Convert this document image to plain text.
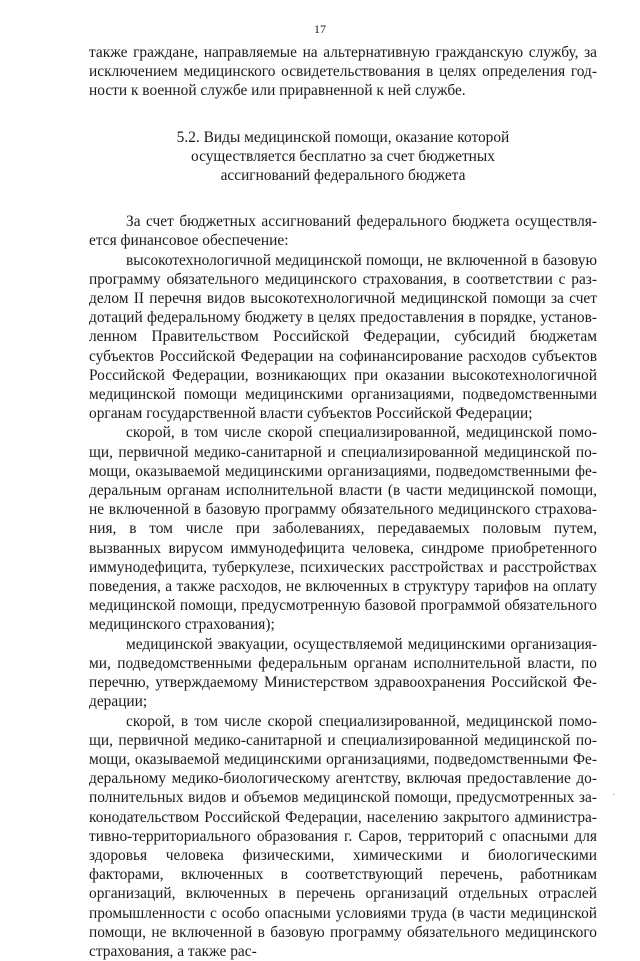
17

также граждане, направляемые на альтернативную гражданскую службу, за исключением медицинского освидетельствования в целях определения годности к военной службе или приравненной к ней службе.

5.2. Виды медицинской помощи, оказание которой
осуществляется бесплатно за счет бюджетных
ассигнований федерального бюджета

За счет бюджетных ассигнований федерального бюджета осуществляется финансовое обеспечение:

высокотехнологичной медицинской помощи, не включенной в базовую программу обязательного медицинского страхования, в соответствии с разделом II перечня видов высокотехнологичной медицинской помощи за счет дотаций федеральному бюджету в целях предоставления в порядке, установленном Правительством Российской Федерации, субсидий бюджетам субъектов Российской Федерации на софинансирование расходов субъектов Российской Федерации, возникающих при оказании высокотехнологичной медицинской помощи медицинскими организациями, подведомственными органам государственной власти субъектов Российской Федерации;

скорой, в том числе скорой специализированной, медицинской помощи, первичной медико-санитарной и специализированной медицинской помощи, оказываемой медицинскими организациями, подведомственными федеральным органам исполнительной власти (в части медицинской помощи, не включенной в базовую программу обязательного медицинского страхования, в том числе при заболеваниях, передаваемых половым путем, вызванных вирусом иммунодефицита человека, синдроме приобретенного иммунодефицита, туберкулезе, психических расстройствах и расстройствах поведения, а также расходов, не включенных в структуру тарифов на оплату медицинской помощи, предусмотренную базовой программой обязательного медицинского страхования);

медицинской эвакуации, осуществляемой медицинскими организациями, подведомственными федеральным органам исполнительной власти, по перечню, утверждаемому Министерством здравоохранения Российской Федерации;

скорой, в том числе скорой специализированной, медицинской помощи, первичной медико-санитарной и специализированной медицинской помощи, оказываемой медицинскими организациями, подведомственными Федеральному медико-биологическому агентству, включая предоставление дополнительных видов и объемов медицинской помощи, предусмотренных законодательством Российской Федерации, населению закрытого административно-территориального образования г. Саров, территорий с опасными для здоровья человека физическими, химическими и биологическими факторами, включенных в соответствующий перечень, работникам организаций, включенных в перечень организаций отдельных отраслей промышленности с особо опасными условиями труда (в части медицинской помощи, не включенной в базовую программу обязательного медицинского страхования, а также рас-

·
